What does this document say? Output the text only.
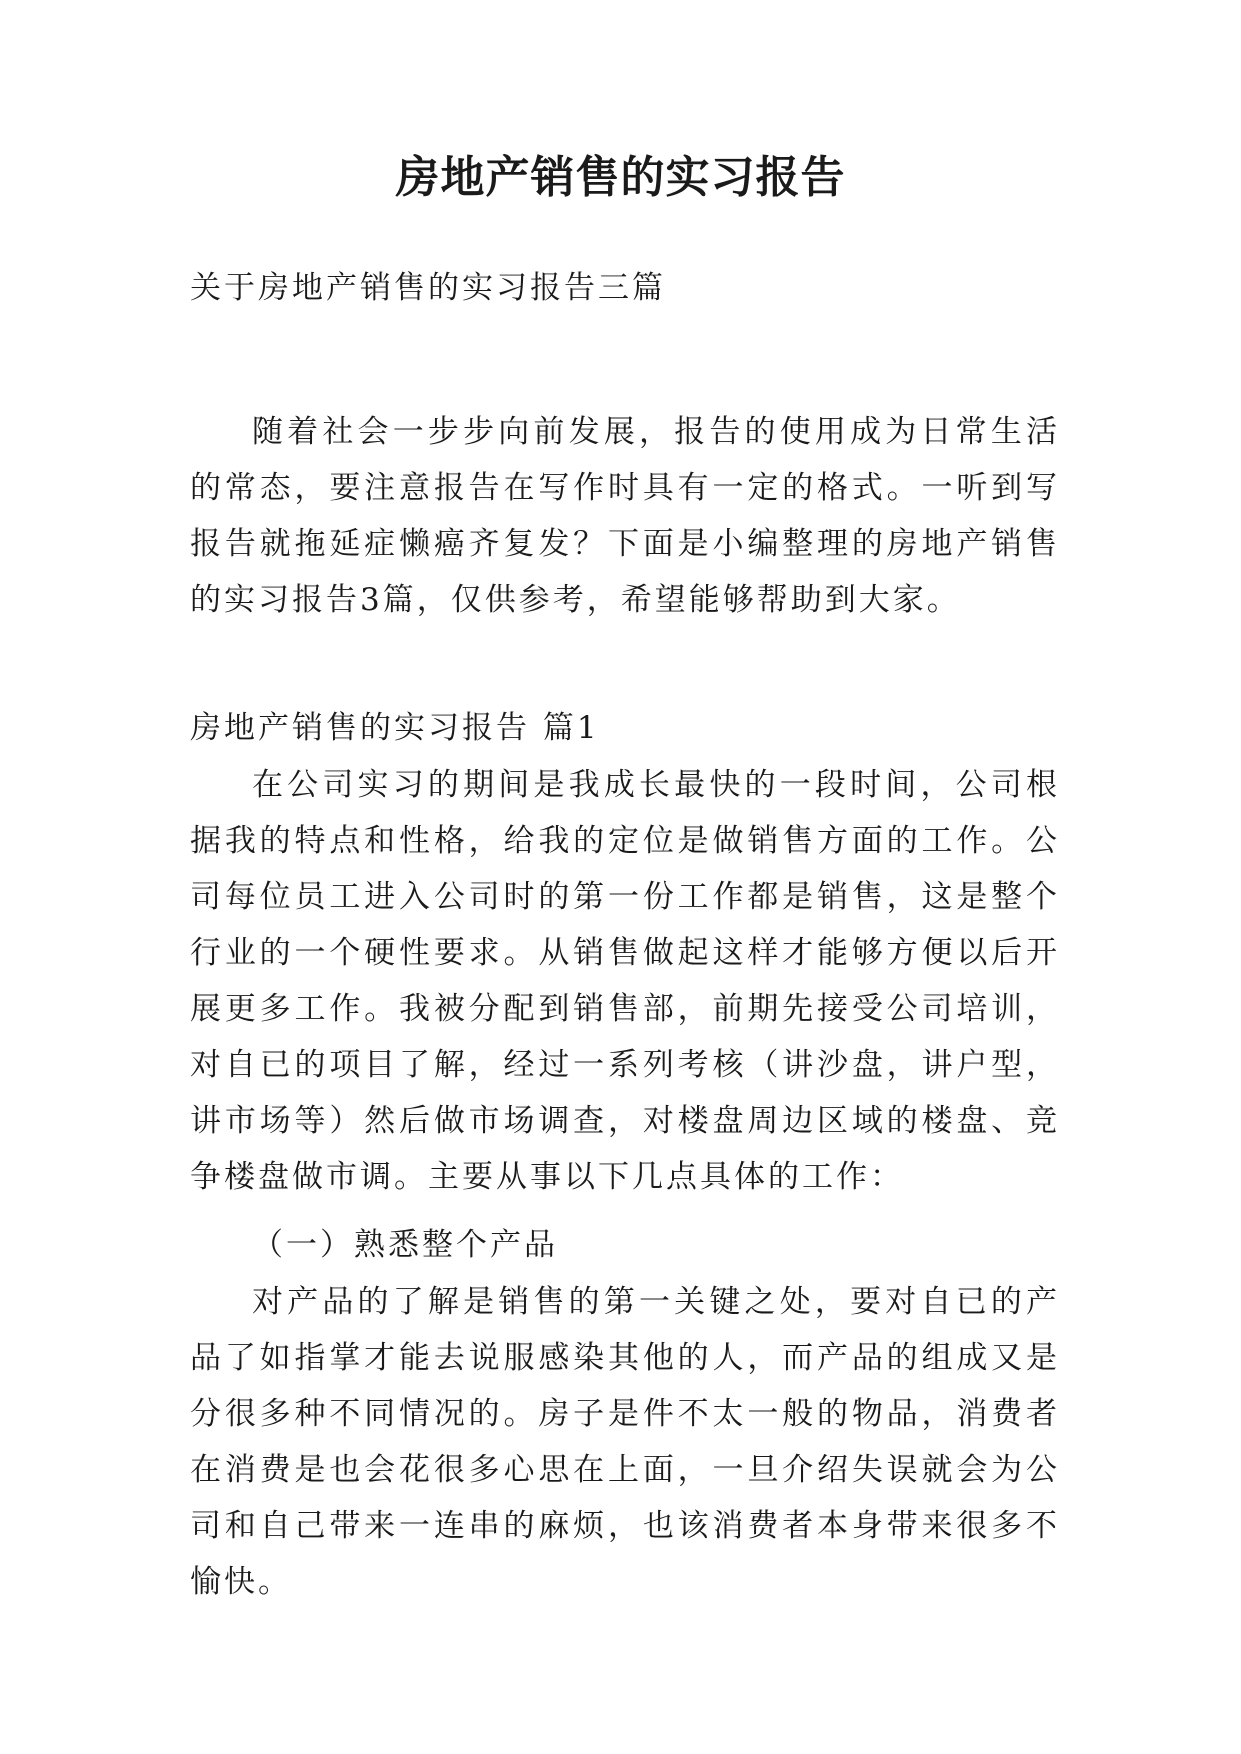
房地产销售的实习报告
关于房地产销售的实习报告三篇
随着社会一步步向前发展，报告的使用成为日常生活的常态，要注意报告在写作时具有一定的格式。一听到写报告就拖延症懒癌齐复发？下面是小编整理的房地产销售的实习报告3篇，仅供参考，希望能够帮助到大家。
房地产销售的实习报告 篇1
在公司实习的期间是我成长最快的一段时间，公司根据我的特点和性格，给我的定位是做销售方面的工作。公司每位员工进入公司时的第一份工作都是销售，这是整个行业的一个硬性要求。从销售做起这样才能够方便以后开展更多工作。我被分配到销售部，前期先接受公司培训，对自已的项目了解，经过一系列考核（讲沙盘，讲户型，讲市场等）然后做市场调查，对楼盘周边区域的楼盘、竞争楼盘做市调。主要从事以下几点具体的工作：
（一）熟悉整个产品
对产品的了解是销售的第一关键之处，要对自已的产品了如指掌才能去说服感染其他的人，而产品的组成又是分很多种不同情况的。房子是件不太一般的物品，消费者在消费是也会花很多心思在上面，一旦介绍失误就会为公司和自己带来一连串的麻烦，也该消费者本身带来很多不愉快。
